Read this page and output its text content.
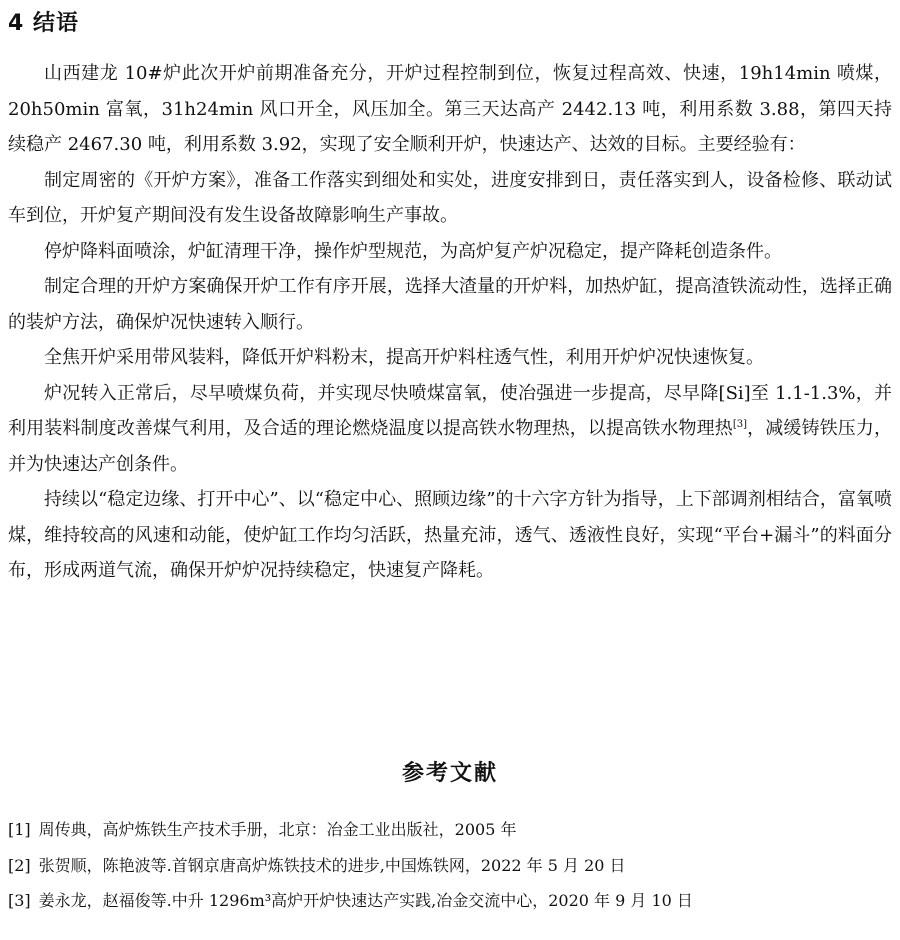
4 结语

山西建龙 10#炉此次开炉前期准备充分，开炉过程控制到位，恢复过程高效、快速，19h14min 喷煤，20h50min 富氧，31h24min 风口开全，风压加全。第三天达高产 2442.13 吨，利用系数 3.88，第四天持续稳产 2467.30 吨，利用系数 3.92，实现了安全顺利开炉，快速达产、达效的目标。主要经验有：

制定周密的《开炉方案》，准备工作落实到细处和实处，进度安排到日，责任落实到人，设备检修、联动试车到位，开炉复产期间没有发生设备故障影响生产事故。

停炉降料面喷涂，炉缸清理干净，操作炉型规范，为高炉复产炉况稳定，提产降耗创造条件。

制定合理的开炉方案确保开炉工作有序开展，选择大渣量的开炉料，加热炉缸，提高渣铁流动性，选择正确的装炉方法，确保炉况快速转入顺行。

全焦开炉采用带风装料，降低开炉料粉末，提高开炉料柱透气性，利用开炉炉况快速恢复。

炉况转入正常后，尽早喷煤负荷，并实现尽快喷煤富氧，使冶强进一步提高，尽早降[Si]至 1.1-1.3%，并利用装料制度改善煤气利用，及合适的理论燃烧温度以提高铁水物理热，以提高铁水物理热[3]，减缓铸铁压力，并为快速达产创条件。

持续以“稳定边缘、打开中心”、以“稳定中心、照顾边缘”的十六字方针为指导，上下部调剂相结合，富氧喷煤，维持较高的风速和动能，使炉缸工作均匀活跃，热量充沛，透气、透液性良好，实现“平台+漏斗”的料面分布，形成两道气流，确保开炉炉况持续稳定，快速复产降耗。

参考文献
[1] 周传典，高炉炼铁生产技术手册，北京：冶金工业出版社，2005 年
[2] 张贺顺，陈艳波等.首钢京唐高炉炼铁技术的进步,中国炼铁网，2022 年 5 月 20 日
[3] 姜永龙，赵福俊等.中升 1296m³高炉开炉快速达产实践,冶金交流中心，2020 年 9 月 10 日
